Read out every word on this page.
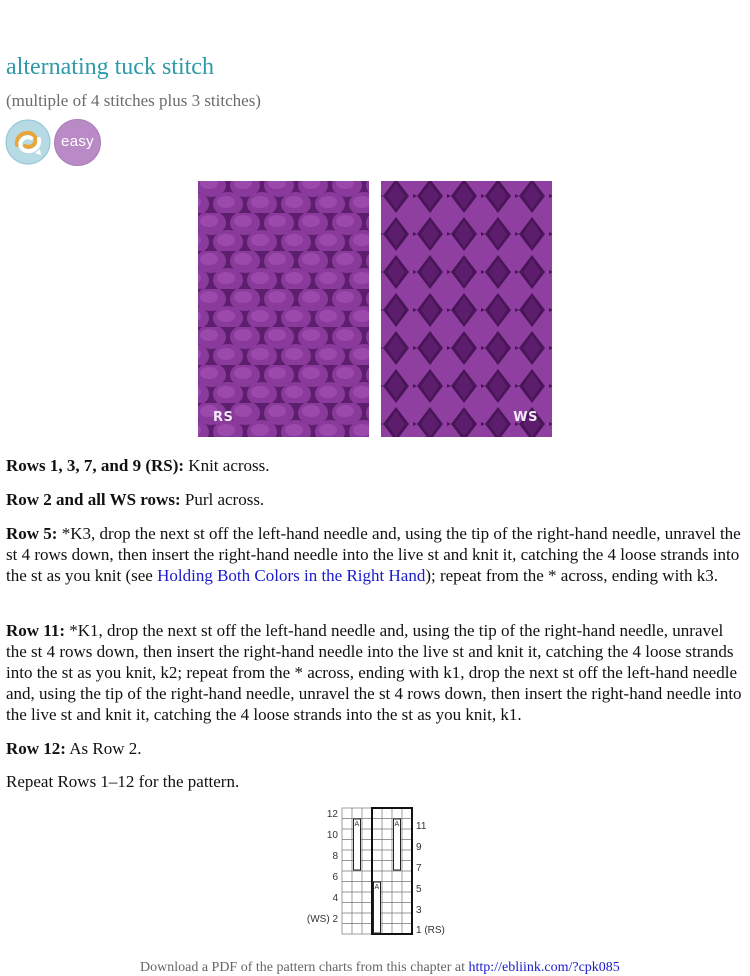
alternating tuck stitch

(multiple of 4 stitches plus 3 stitches)

easy
RS	WS

Rows 1, 3, 7, and 9 (RS): Knit across.

Row 2 and all WS rows: Purl across.

Row 5: *K3, drop the next st off the left-hand needle and, using the tip of the right-hand needle, unravel the st 4 rows down, then insert the right-hand needle into the live st and knit it, catching the 4 loose strands into the st as you knit (see Holding Both Colors in the Right Hand); repeat from the * across, ending with k3.

Row 11: *K1, drop the next st off the left-hand needle and, using the tip of the right-hand needle, unravel the st 4 rows down, then insert the right-hand needle into the live st and knit it, catching the 4 loose strands into the st as you knit, k2; repeat from the * across, ending with k1, drop the next st off the left-hand needle and, using the tip of the right-hand needle, unravel the st 4 rows down, then insert the right-hand needle into the live st and knit it, catching the 4 loose strands into the st as you knit, k1.

Row 12: As Row 2.

Repeat Rows 1–12 for the pattern.

A	A
A
12
10
8
6
4
(WS) 2
11
9
7
5
3
1 (RS)
Download a PDF of the pattern charts from this chapter at http://ebliink.com/?cpk085
